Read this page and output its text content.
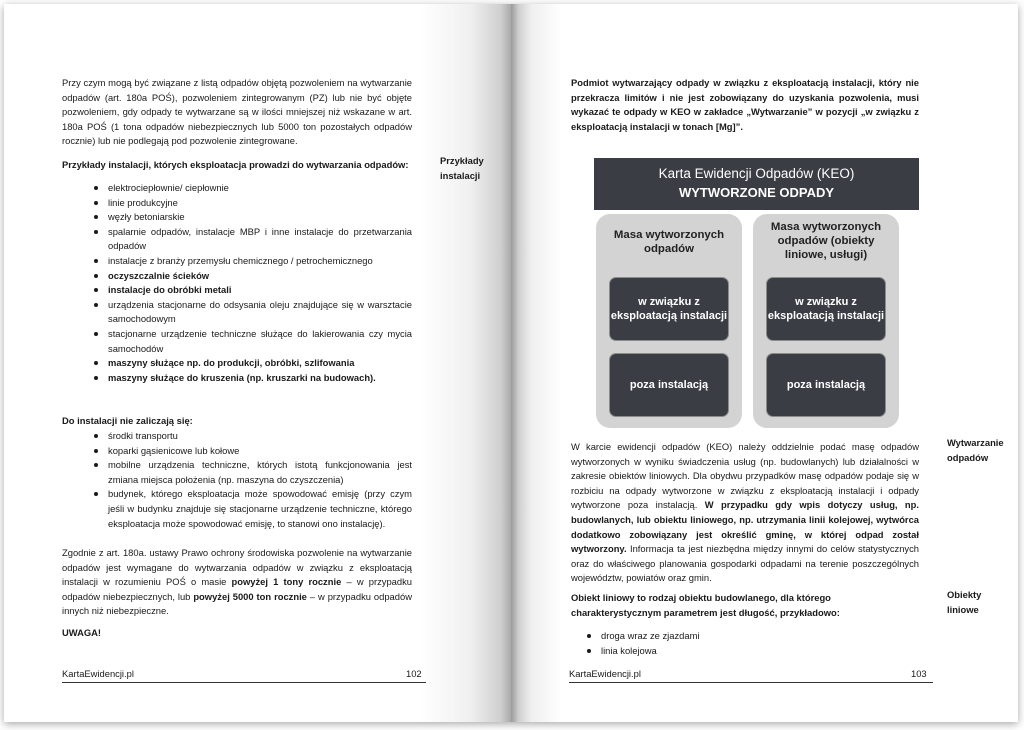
Przy czym mogą być związane z listą odpadów objętą pozwoleniem na wytwarzanie odpadów (art. 180a POŚ), pozwoleniem zintegrowanym (PZ) lub nie być objęte pozwoleniem, gdy odpady te wytwarzane są w ilości mniejszej niż wskazane w art. 180a POŚ (1 tona odpadów niebezpiecznych lub 5000 ton pozostałych odpadów rocznie) lub nie podlegają pod pozwolenie zintegrowane.
Przykłady instalacji, których eksploatacja prowadzi do wytwarzania odpadów:
elektrociepłownie/ ciepłownie
linie produkcyjne
węzły betoniarskie
spalarnie odpadów, instalacje MBP i inne instalacje do przetwarzania odpadów
instalacje z branży przemysłu chemicznego / petrochemicznego
oczyszczalnie ścieków
instalacje do obróbki metali
urządzenia stacjonarne do odsysania oleju znajdujące się w warsztacie samochodowym
stacjonarne urządzenie techniczne służące do lakierowania czy mycia samochodów
maszyny służące np. do produkcji, obróbki, szlifowania
maszyny służące do kruszenia (np. kruszarki na budowach).
Do instalacji nie zaliczają się:
środki transportu
koparki gąsienicowe lub kołowe
mobilne urządzenia techniczne, których istotą funkcjonowania jest zmiana miejsca położenia (np. maszyna do czyszczenia)
budynek, którego eksploatacja może spowodować emisję (przy czym jeśli w budynku znajduje się stacjonarne urządzenie techniczne, którego eksploatacja może spowodować emisję, to stanowi ono instalację).
Zgodnie z art. 180a. ustawy Prawo ochrony środowiska pozwolenie na wytwarzanie odpadów jest wymagane do wytwarzania odpadów w związku z eksploatacją instalacji w rozumieniu POŚ o masie powyżej 1 tony rocznie – w przypadku odpadów niebezpiecznych, lub powyżej 5000 ton rocznie – w przypadku odpadów innych niż niebezpieczne.
UWAGA!
Przykłady instalacji
KartaEwidencji.pl	102
Podmiot wytwarzający odpady w związku z eksploatacją instalacji, który nie przekracza limitów i nie jest zobowiązany do uzyskania pozwolenia, musi wykazać te odpady w KEO w zakładce „Wytwarzanie” w pozycji „w związku z eksploatacją instalacji w tonach [Mg]”.
Karta Ewidencji Odpadów (KEO)
WYTWORZONE ODPADY
Masa wytworzonych odpadów
w związku z eksploatacją instalacji
poza instalacją
Masa wytworzonych odpadów (obiekty liniowe, usługi)
w związku z eksploatacją instalacji
poza instalacją
W karcie ewidencji odpadów (KEO) należy oddzielnie podać masę odpadów wytworzonych w wyniku świadczenia usług (np. budowlanych) lub działalności w zakresie obiektów liniowych. Dla obydwu przypadków masę odpadów podaje się w rozbiciu na odpady wytworzone w związku z eksploatacją instalacji i odpady wytworzone poza instalacją. W przypadku gdy wpis dotyczy usług, np. budowlanych, lub obiektu liniowego, np. utrzymania linii kolejowej, wytwórca dodatkowo zobowiązany jest określić gminę, w której odpad został wytworzony. Informacja ta jest niezbędna między innymi do celów statystycznych oraz do właściwego planowania gospodarki odpadami na terenie poszczególnych województw, powiatów oraz gmin.
Obiekt liniowy to rodzaj obiektu budowlanego, dla którego charakterystycznym parametrem jest długość, przykładowo:
droga wraz ze zjazdami
linia kolejowa
Wytwarzanie odpadów
Obiekty liniowe
KartaEwidencji.pl	103
